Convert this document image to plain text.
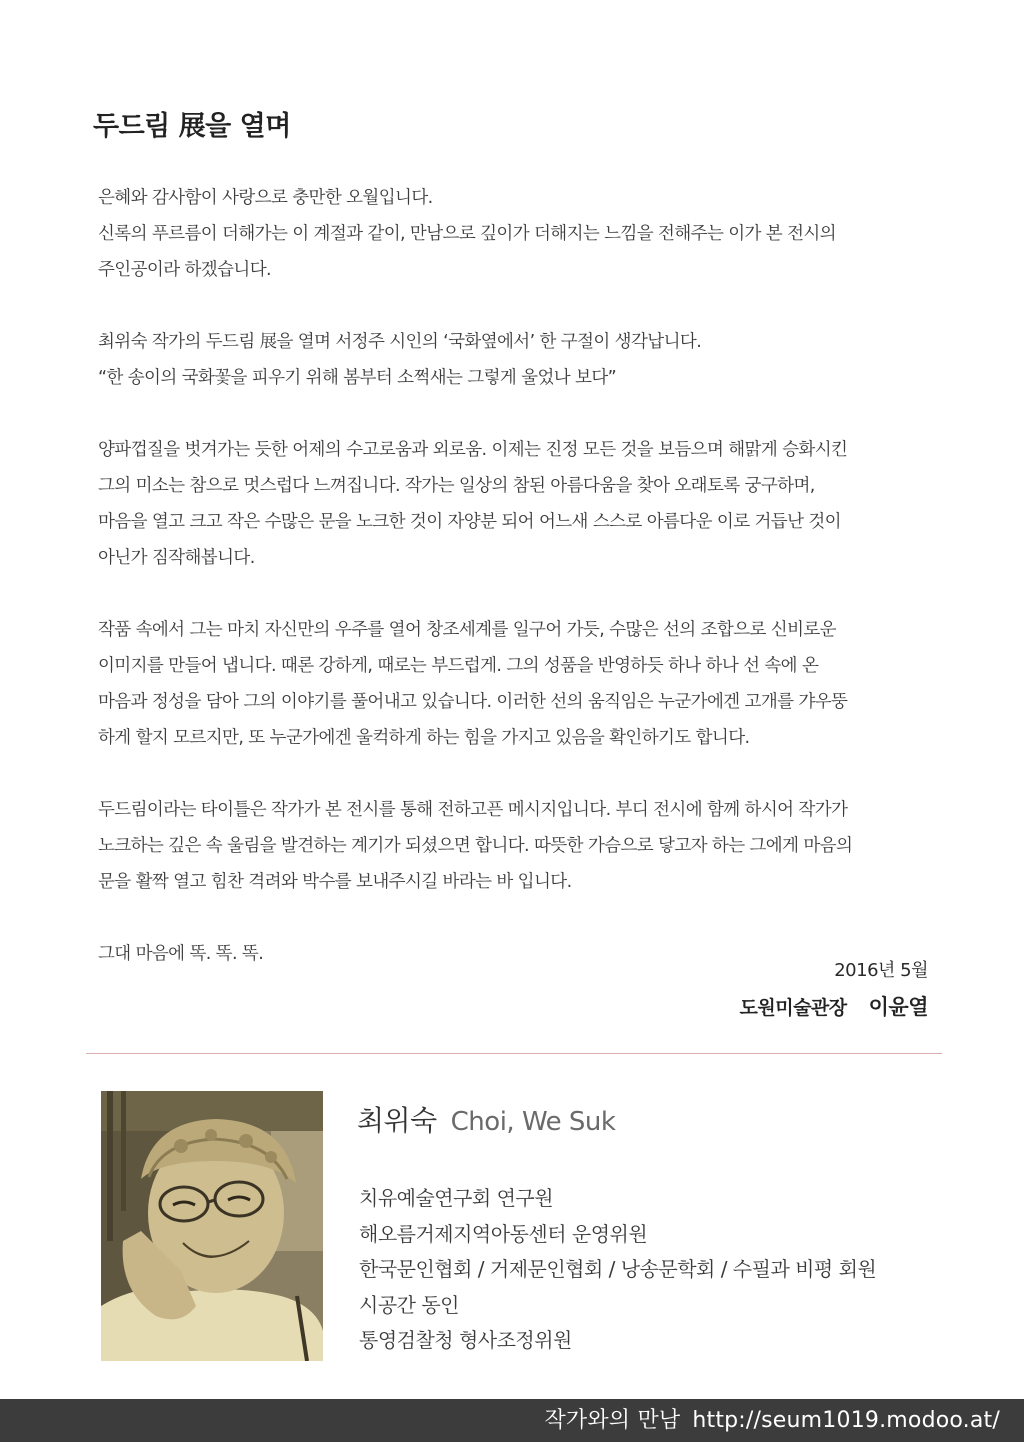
두드림 展을 열며

은혜와 감사함이 사랑으로 충만한 오월입니다.
신록의 푸르름이 더해가는 이 계절과 같이, 만남으로 깊이가 더해지는 느낌을 전해주는 이가 본 전시의
주인공이라 하겠습니다.

최위숙 작가의 두드림 展을 열며 서정주 시인의 ‘국화옆에서’ 한 구절이 생각납니다.
“한 송이의 국화꽃을 피우기 위해 봄부터 소쩍새는 그렇게 울었나 보다”

양파껍질을 벗겨가는 듯한 어제의 수고로움과 외로움. 이제는 진정 모든 것을 보듬으며 해맑게 승화시킨
그의 미소는 참으로 멋스럽다 느껴집니다. 작가는 일상의 참된 아름다움을 찾아 오래토록 궁구하며,
마음을 열고 크고 작은 수많은 문을 노크한 것이 자양분 되어 어느새 스스로 아름다운 이로 거듭난 것이
아닌가 짐작해봅니다.

작품 속에서 그는 마치 자신만의 우주를 열어 창조세계를 일구어 가듯, 수많은 선의 조합으로 신비로운
이미지를 만들어 냅니다. 때론 강하게, 때로는 부드럽게. 그의 성품을 반영하듯 하나 하나 선 속에 온
마음과 정성을 담아 그의 이야기를 풀어내고 있습니다. 이러한 선의 움직임은 누군가에겐 고개를 갸우뚱
하게 할지 모르지만, 또 누군가에겐 울컥하게 하는 힘을 가지고 있음을 확인하기도 합니다.

두드림이라는 타이틀은 작가가 본 전시를 통해 전하고픈 메시지입니다. 부디 전시에 함께 하시어 작가가
노크하는 깊은 속 울림을 발견하는 계기가 되셨으면 합니다. 따뜻한 가슴으로 닿고자 하는 그에게 마음의
문을 활짝 열고 힘찬 격려와 박수를 보내주시길 바라는 바 입니다.

그대 마음에 똑. 똑. 똑.

2016년 5월
도원미술관장 이윤열
최위숙 Choi, We Suk
치유예술연구회 연구원
해오름거제지역아동센터 운영위원
한국문인협회 / 거제문인협회 / 낭송문학회 / 수필과 비평 회원
시공간 동인
통영검찰청 형사조정위원
작가와의 만남 http://seum1019.modoo.at/
